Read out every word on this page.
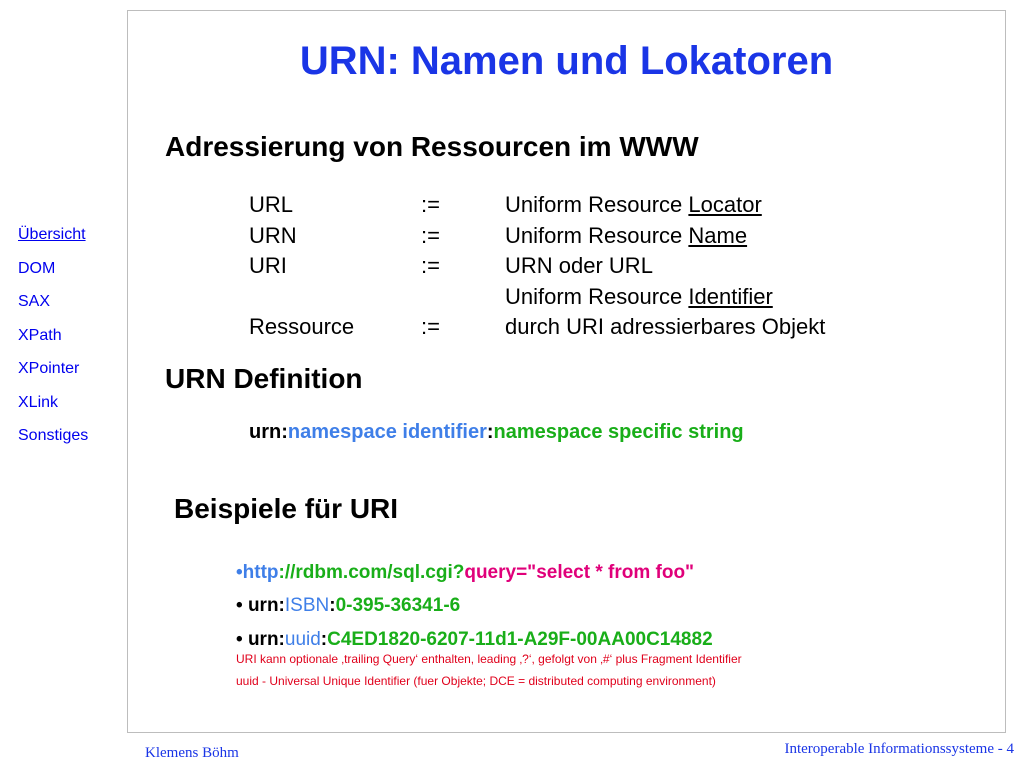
Übersicht
DOM
SAX
XPath
XPointer
XLink
Sonstiges
URN: Namen und Lokatoren
Adressierung von Ressourcen im WWW
URL	:=	Uniform Resource Locator
URN	:=	Uniform Resource Name
URI	:=	URN oder URL
Uniform Resource Identifier
Ressource	:=	durch URI adressierbares Objekt
URN Definition
urn:namespace identifier:namespace specific string
Beispiele für URI
•http://rdbm.com/sql.cgi?query="select * from foo"
• urn:ISBN:0-395-36341-6
• urn:uuid:C4ED1820-6207-11d1-A29F-00AA00C14882
URI kann optionale ‚trailing Query‘ enthalten, leading ‚?‘, gefolgt von ‚#‘ plus Fragment Identifier
uuid - Universal Unique Identifier (fuer Objekte; DCE = distributed computing environment)
Klemens Böhm	Interoperable Informationssysteme - 4
